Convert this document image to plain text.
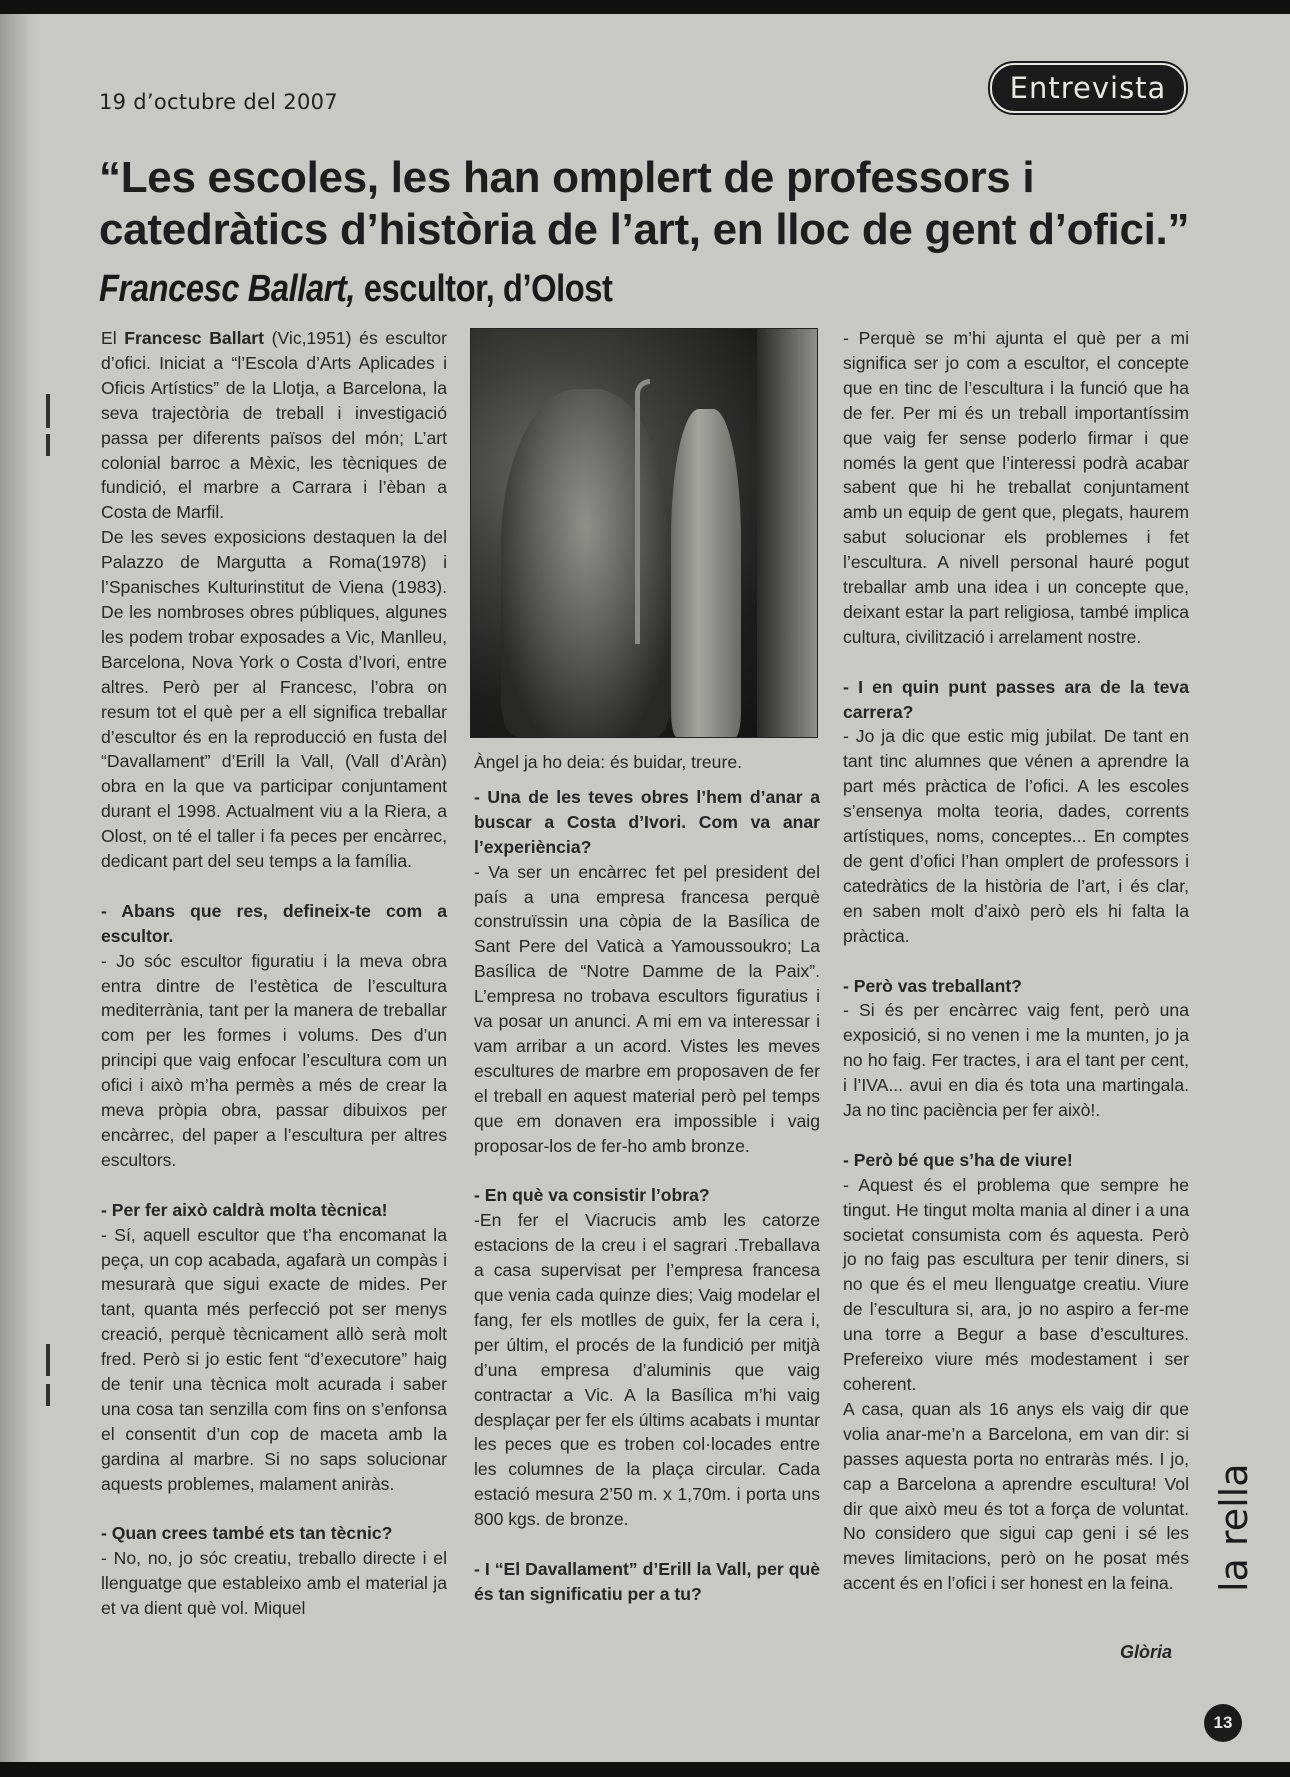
19 d’octubre del 2007	Entrevista
“Les escoles, les han omplert de professors i catedràtics d’història de l’art, en lloc de gent d’ofici.”
Francesc Ballart, escultor, d’Olost

El Francesc Ballart (Vic,1951) és escultor d’ofici. Iniciat a “l’Escola d’Arts Aplicades i Oficis Artístics” de la Llotja, a Barcelona, la seva trajectòria de treball i investigació passa per diferents països del món; L’art colonial barroc a Mèxic, les tècniques de fundició, el marbre a Carrara i l’èban a Costa de Marfil.

De les seves exposicions destaquen la del Palazzo de Margutta a Roma(1978) i l’Spanisches Kulturinstitut de Viena (1983). De les nombroses obres públiques, algunes les podem trobar exposades a Vic, Manlleu, Barcelona, Nova York o Costa d’Ivori, entre altres. Però per al Francesc, l’obra on resum tot el què per a ell significa treballar d’escultor és en la reproducció en fusta del “Davallament” d’Erill la Vall, (Vall d’Aràn) obra en la que va participar conjuntament durant el 1998. Actualment viu a la Riera, a Olost, on té el taller i fa peces per encàrrec, dedicant part del seu temps a la família.

- Abans que res, defineix-te com a escultor.

- Jo sóc escultor figuratiu i la meva obra entra dintre de l’estètica de l’escultura mediterrània, tant per la manera de treballar com per les formes i volums. Des d’un principi que vaig enfocar l’escultura com un ofici i això m’ha permès a més de crear la meva pròpia obra, passar dibuixos per encàrrec, del paper a l’escultura per altres escultors.

- Per fer això caldrà molta tècnica!

- Sí, aquell escultor que t’ha encomanat la peça, un cop acabada, agafarà un compàs i mesurarà que sigui exacte de mides. Per tant, quanta més perfecció pot ser menys creació, perquè tècnicament allò serà molt fred. Però si jo estic fent “d’executore” haig de tenir una tècnica molt acurada i saber una cosa tan senzilla com fins on s’enfonsa el consentit d’un cop de maceta amb la gardina al marbre. Si no saps solucionar aquests problemes, malament aniràs.

- Quan crees també ets tan tècnic?

- No, no, jo sóc creatiu, treballo directe i el llenguatge que estableixo amb el material ja et va dient què vol. Miquel

Àngel ja ho deia: és buidar, treure.

- Una de les teves obres l’hem d’anar a buscar a Costa d’Ivori. Com va anar l’experiència?

- Va ser un encàrrec fet pel president del país a una empresa francesa perquè construïssin una còpia de la Basílica de Sant Pere del Vaticà a Yamoussoukro; La Basílica de “Notre Damme de la Paix”. L’empresa no trobava escultors figuratius i va posar un anunci. A mi em va interessar i vam arribar a un acord. Vistes les meves escultures de marbre em proposaven de fer el treball en aquest material però pel temps que em donaven era impossible i vaig proposar-los de fer-ho amb bronze.

- En què va consistir l’obra?

-En fer el Viacrucis amb les catorze estacions de la creu i el sagrari .Treballava a casa supervisat per l’empresa francesa que venia cada quinze dies; Vaig modelar el fang, fer els motlles de guix, fer la cera i, per últim, el procés de la fundició per mitjà d’una empresa d’aluminis que vaig contractar a Vic. A la Basílica m’hi vaig desplaçar per fer els últims acabats i muntar les peces que es troben col·locades entre les columnes de la plaça circular. Cada estació mesura 2’50 m. x 1,70m. i porta uns 800 kgs. de bronze.

- I “El Davallament” d’Erill la Vall, per què és tan significatiu per a tu?

- Perquè se m’hi ajunta el què per a mi significa ser jo com a escultor, el concepte que en tinc de l’escultura i la funció que ha de fer. Per mi és un treball importantíssim que vaig fer sense poderlo firmar i que només la gent que l’interessi podrà acabar sabent que hi he treballat conjuntament amb un equip de gent que, plegats, haurem sabut solucionar els problemes i fet l’escultura. A nivell personal hauré pogut treballar amb una idea i un concepte que, deixant estar la part religiosa, també implica cultura, civilització i arrelament nostre.

- I en quin punt passes ara de la teva carrera?

- Jo ja dic que estic mig jubilat. De tant en tant tinc alumnes que vénen a aprendre la part més pràctica de l’ofici. A les escoles s’ensenya molta teoria, dades, corrents artístiques, noms, conceptes... En comptes de gent d’ofici l’han omplert de professors i catedràtics de la història de l’art, i és clar, en saben molt d’això però els hi falta la pràctica.

- Però vas treballant?

- Si és per encàrrec vaig fent, però una exposició, si no venen i me la munten, jo ja no ho faig. Fer tractes, i ara el tant per cent, i l’IVA... avui en dia és tota una martingala. Ja no tinc paciència per fer això!.

- Però bé que s’ha de viure!

- Aquest és el problema que sempre he tingut. He tingut molta mania al diner i a una societat consumista com és aquesta. Però jo no faig pas escultura per tenir diners, si no que és el meu llenguatge creatiu. Viure de l’escultura si, ara, jo no aspiro a fer-me una torre a Begur a base d’escultures. Prefereixo viure més modestament i ser coherent.

A casa, quan als 16 anys els vaig dir que volia anar-me’n a Barcelona, em van dir: si passes aquesta porta no entraràs més. I jo, cap a Barcelona a aprendre escultura! Vol dir que això meu és tot a força de voluntat. No considero que sigui cap geni i sé les meves limitacions, però on he posat més accent és en l’ofici i ser honest en la feina.

Glòria
la rella
13
